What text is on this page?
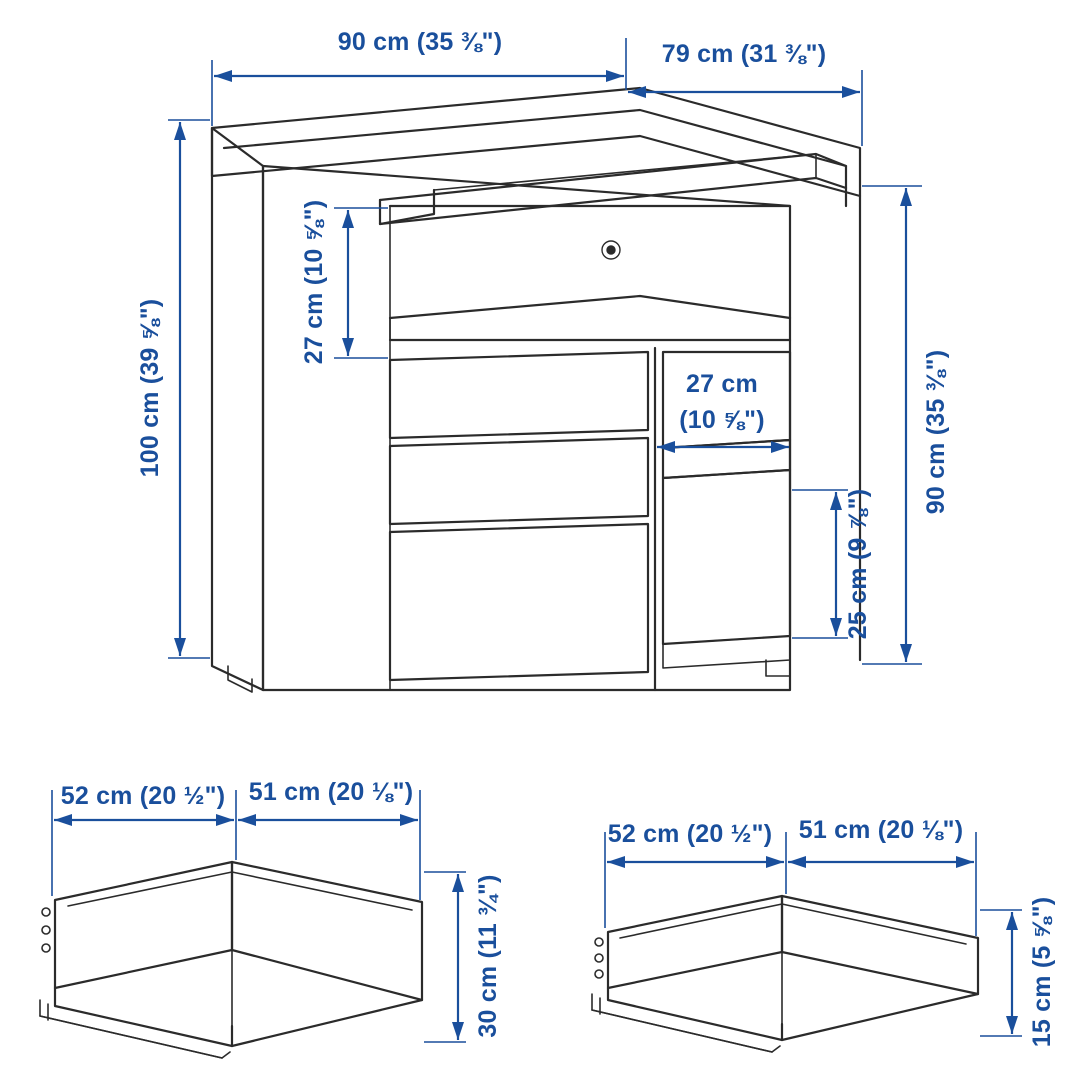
90 cm (35 ⅜")	79 cm (31 ⅜")
100 cm (39 ⅝")
27 cm (10 ⅝")
27 cm
(10 ⅝")
25 cm (9 ⅞")
90 cm (35 ⅜")
52 cm (20 ½") 51 cm (20 ⅛")
30 cm (11 ¾")
52 cm (20 ½") 51 cm (20 ⅛")
15 cm (5 ⅝")
